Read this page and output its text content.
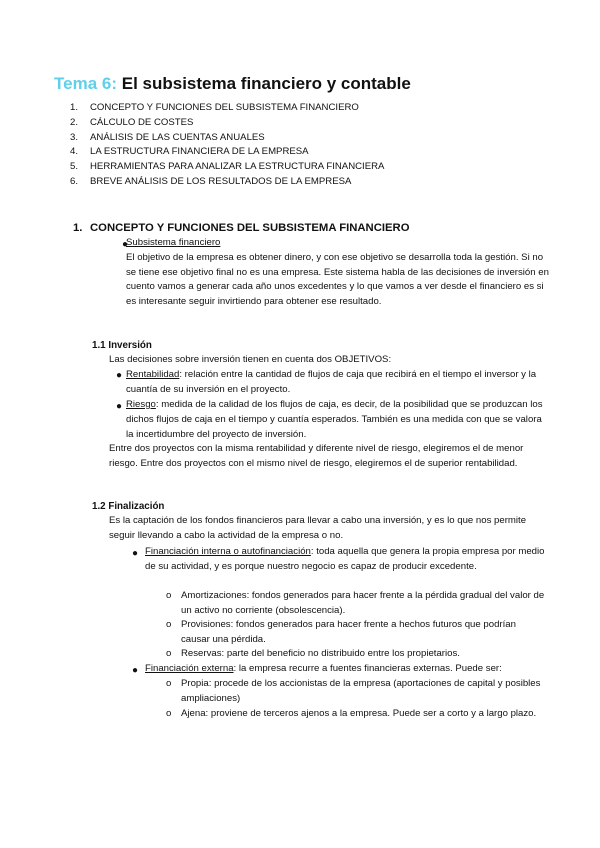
Tema 6: El subsistema financiero y contable
1. CONCEPTO Y FUNCIONES DEL SUBSISTEMA FINANCIERO
2. CÁLCULO DE COSTES
3. ANÁLISIS DE LAS CUENTAS ANUALES
4. LA ESTRUCTURA FINANCIERA DE LA EMPRESA
5. HERRAMIENTAS PARA ANALIZAR LA ESTRUCTURA FINANCIERA
6. BREVE ANÁLISIS DE LOS RESULTADOS DE LA EMPRESA
1. CONCEPTO Y FUNCIONES DEL SUBSISTEMA FINANCIERO
●

Subsistema financiero
El objetivo de la empresa es obtener dinero, y con ese objetivo se desarrolla toda la gestión. Si no se tiene ese objetivo final no es una empresa. Este sistema habla de las decisiones de inversión en cuento vamos a generar cada año unos excedentes y lo que vamos a ver desde el financiero es si es interesante seguir invirtiendo para obtener ese resultado.

1.1 Inversión

Las decisiones sobre inversión tienen en cuenta dos OBJETIVOS:

● Rentabilidad: relación entre la cantidad de flujos de caja que recibirá en el tiempo el inversor y la cuantía de su inversión en el proyecto.

● Riesgo: medida de la calidad de los flujos de caja, es decir, de la posibilidad que se produzcan los dichos flujos de caja en el tiempo y cuantía esperados. También es una medida con que se valora la incertidumbre del proyecto de inversión.

Entre dos proyectos con la misma rentabilidad y diferente nivel de riesgo, elegiremos el de menor riesgo. Entre dos proyectos con el mismo nivel de riesgo, elegiremos el de superior rentabilidad.

1.2 Finalización

Es la captación de los fondos financieros para llevar a cabo una inversión, y es lo que nos permite seguir llevando a cabo la actividad de la empresa o no.

● Financiación interna o autofinanciación: toda aquella que genera la propia empresa por medio de su actividad, y es porque nuestro negocio es capaz de producir excedente.

o Amortizaciones: fondos generados para hacer frente a la pérdida gradual del valor de un activo no corriente (obsolescencia).

o Provisiones: fondos generados para hacer frente a hechos futuros que podrían causar una pérdida.

o Reservas: parte del beneficio no distribuido entre los propietarios.

● Financiación externa: la empresa recurre a fuentes financieras externas. Puede ser:

o Propia: procede de los accionistas de la empresa (aportaciones de capital y posibles ampliaciones)

o Ajena: proviene de terceros ajenos a la empresa. Puede ser a corto y a largo plazo.
